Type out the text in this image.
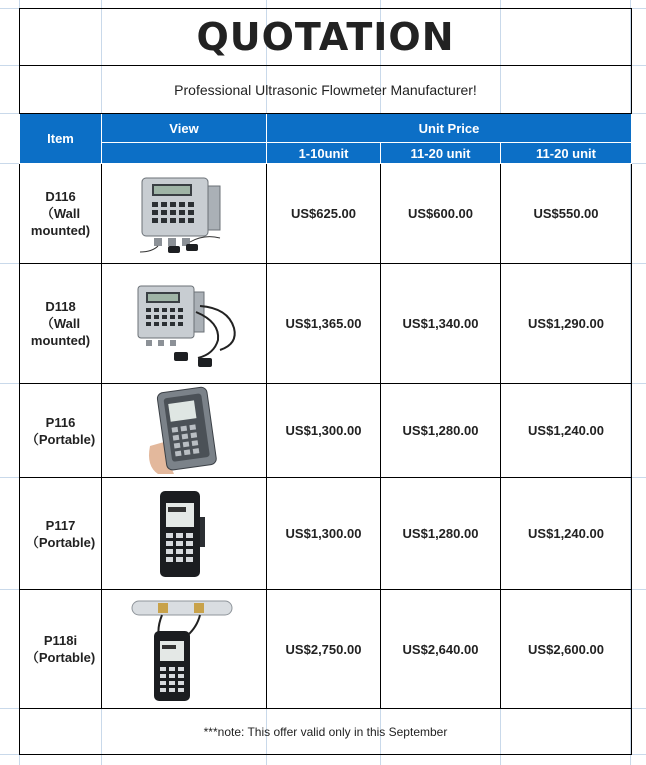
QUOTATION				
Professional Ultrasonic Flowmeter Manufacturer!				
Item	View	Unit Price		
		1-10unit	11-20 unit	11-20 unit

D116
（Wall mounted)		US$625.00	US$600.00	US$550.00

D118
（Wall mounted)		US$1,365.00	US$1,340.00	US$1,290.00

P116
（Portable)		US$1,300.00	US$1,280.00	US$1,240.00

P117
（Portable)		US$1,300.00	US$1,280.00	US$1,240.00

P118i
（Portable)		US$2,750.00	US$2,640.00	US$2,600.00
***note: This offer valid only in this September				
